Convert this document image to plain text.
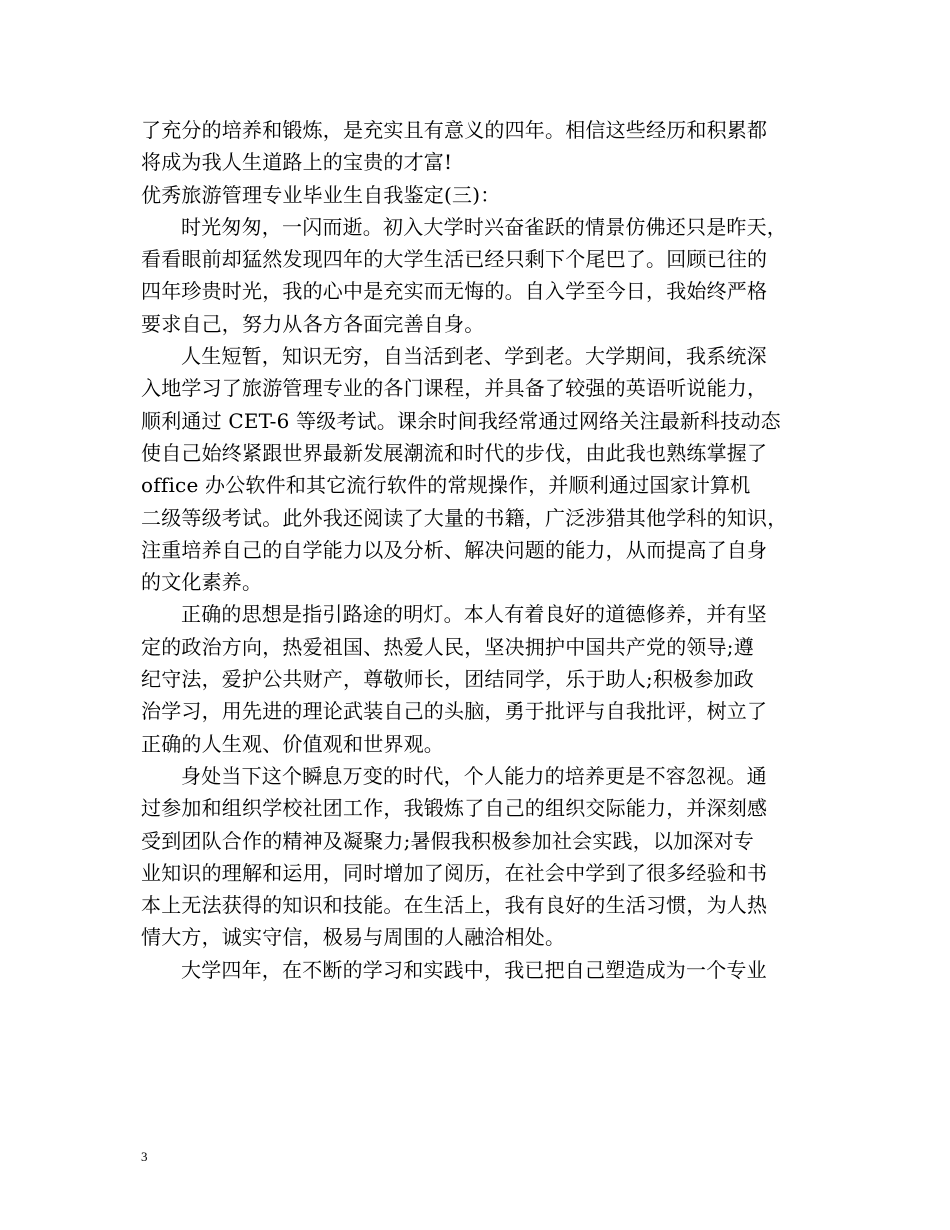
了充分的培养和锻炼，是充实且有意义的四年。相信这些经历和积累都
将成为我人生道路上的宝贵的才富!
优秀旅游管理专业毕业生自我鉴定(三)：
时光匆匆，一闪而逝。初入大学时兴奋雀跃的情景仿佛还只是昨天，
看看眼前却猛然发现四年的大学生活已经只剩下个尾巴了。回顾已往的
四年珍贵时光，我的心中是充实而无悔的。自入学至今日，我始终严格
要求自己，努力从各方各面完善自身。
人生短暂，知识无穷，自当活到老、学到老。大学期间，我系统深
入地学习了旅游管理专业的各门课程，并具备了较强的英语听说能力，
顺利通过 CET-6 等级考试。课余时间我经常通过网络关注最新科技动态
使自己始终紧跟世界最新发展潮流和时代的步伐，由此我也熟练掌握了
office 办公软件和其它流行软件的常规操作，并顺利通过国家计算机
二级等级考试。此外我还阅读了大量的书籍，广泛涉猎其他学科的知识，
注重培养自己的自学能力以及分析、解决问题的能力，从而提高了自身
的文化素养。
正确的思想是指引路途的明灯。本人有着良好的道德修养，并有坚
定的政治方向，热爱祖国、热爱人民，坚决拥护中国共产党的领导;遵
纪守法，爱护公共财产，尊敬师长，团结同学，乐于助人;积极参加政
治学习，用先进的理论武装自己的头脑，勇于批评与自我批评，树立了
正确的人生观、价值观和世界观。
身处当下这个瞬息万变的时代，个人能力的培养更是不容忽视。通
过参加和组织学校社团工作，我锻炼了自己的组织交际能力，并深刻感
受到团队合作的精神及凝聚力;暑假我积极参加社会实践，以加深对专
业知识的理解和运用，同时增加了阅历，在社会中学到了很多经验和书
本上无法获得的知识和技能。在生活上，我有良好的生活习惯，为人热
情大方，诚实守信，极易与周围的人融洽相处。
大学四年，在不断的学习和实践中，我已把自己塑造成为一个专业
3
